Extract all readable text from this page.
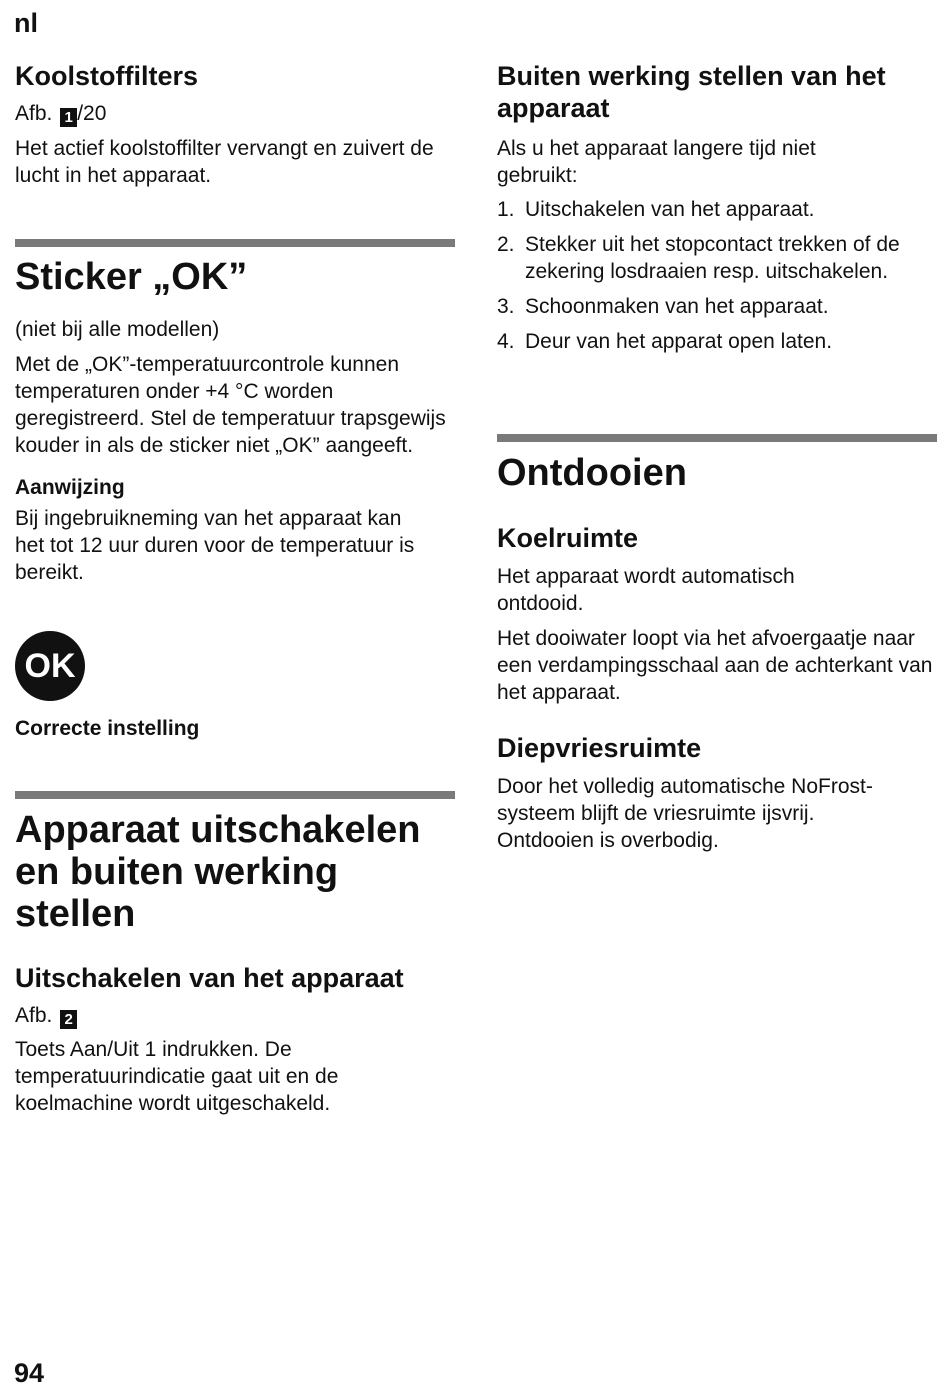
nl
Koolstoffilters

Afb. 1 /20

Het actief koolstoffilter vervangt en zuivert de lucht in het apparaat.

Sticker „OK”

(niet bij alle modellen)

Met de „OK”-temperatuurcontrole kunnen temperaturen onder +4 °C worden geregistreerd. Stel de temperatuur trapsgewijs kouder in als de sticker niet „OK” aangeeft.

Aanwijzing

Bij ingebruikneming van het apparaat kan het tot 12 uur duren voor de temperatuur is bereikt.

OK

Correcte instelling

Apparaat uitschakelen en buiten werking stellen
Uitschakelen van het apparaat

Afb. 2

Toets Aan/Uit 1 indrukken. De temperatuurindicatie gaat uit en de koelmachine wordt uitgeschakeld.

Buiten werking stellen van het apparaat

Als u het apparaat langere tijd niet gebruikt:

1. Uitschakelen van het apparaat.
2. Stekker uit het stopcontact trekken of de zekering losdraaien resp. uitschakelen.
3. Schoonmaken van het apparaat.
4. Deur van het apparat open laten.
Ontdooien
Koelruimte

Het apparaat wordt automatisch ontdooid.

Het dooiwater loopt via het afvoergaatje naar een verdampingsschaal aan de achterkant van het apparaat.

Diepvriesruimte

Door het volledig automatische NoFrost-systeem blijft de vriesruimte ijsvrij. Ontdooien is overbodig.

94
